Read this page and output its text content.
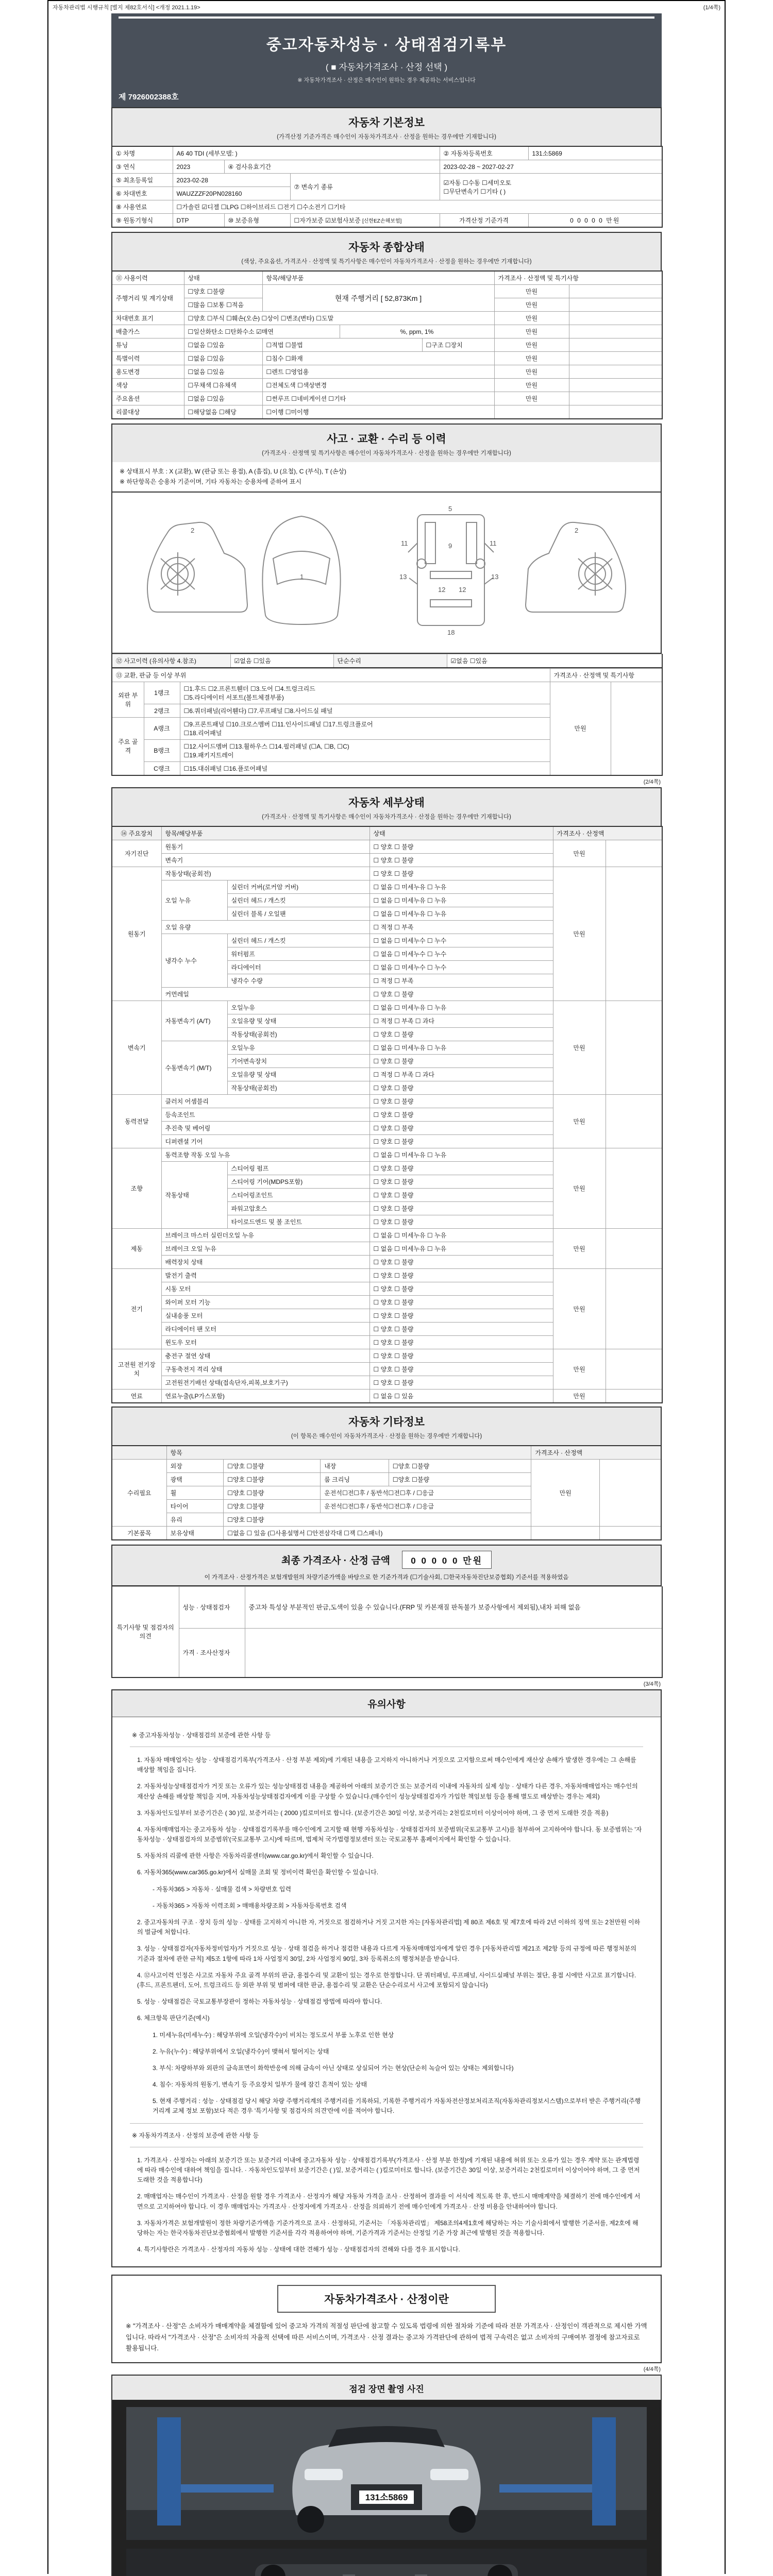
자동차관리법 시행규칙 [별지 제82호서식] <개정 2021.1.19>	(1/4쪽)
중고자동차성능 · 상태점검기록부
( ■ 자동차가격조사 · 산정 선택 )
※ 자동차가격조사 · 산정은 매수인이 원하는 경우 제공하는 서비스입니다
제 7926002388호
자동차 기본정보
(가격산정 기준가격은 매수인이 자동차가격조사 · 산정을 원하는 경우에만 기재합니다)
① 차명	A6 40 TDI (세부모델: )			② 자동차등록번호	131소5869
③ 연식	2023	④ 검사유효기간		2023-02-28 ~ 2027-02-27	
⑤ 최초등록일	2023-02-28		⑦ 변속기 종류	☑자동 ☐수동 ☐세미오토
☐무단변속기 ☐기타 ( )	

⑥ 차대번호	WAUZZZF20PN028160				
⑧ 사용연료	☐가솔린 ☑디젤 ☐LPG ☐하이브리드 ☐전기 ☐수소전기 ☐기타				
⑨ 원동기형식	DTP	⑩ 보증유형	☐자가보증 ☑보험사보증 [신한EZ손해보험]	가격산정 기준가격	0 0 0 0 0 만원
자동차 종합상태
(색상, 주요옵션, 가격조사 · 산정액 및 특기사항은 매수인이 자동차가격조사 · 산정을 원하는 경우에만 기재합니다)
⑪ 사용이력	상태	항목/해당부품			가격조사 · 산정액 및 특기사항	
주행거리 및 계기상태	☐양호 ☐불량	현재 주행거리 [ 52,873Km ]			만원	
	☐많음 ☐보통 ☐적음				만원	
차대번호 표기	☐양호 ☐부식 ☐훼손(오손) ☐상이 ☐변조(변타) ☐도말				만원	
배출가스	☐일산화탄소 ☐탄화수소 ☑매연		%, ppm, 1%		만원	
튜닝	☐없음 ☐있음	☐적법 ☐불법		☐구조 ☐장치	만원	
특별이력	☐없음 ☐있음	☐침수 ☐화재			만원	
용도변경	☐없음 ☐있음	☐렌트 ☐영업용			만원	
색상	☐무채색 ☐유채색	☐전체도색 ☐색상변경			만원	
주요옵션	☐없음 ☐있음	☐썬루프 ☐네비게이션 ☐기타			만원	
리콜대상	☐해당없음 ☐해당	☐이행 ☐미이행				
사고 · 교환 · 수리 등 이력
(가격조사 · 산정액 및 특기사항은 매수인이 자동차가격조사 · 산정을 원하는 경우에만 기재합니다)
※ 상태표시 부호 : X (교환), W (판금 또는 용접), A (흠집), U (요철), C (부식), T (손상)
※ 하단항목은 승용차 기준이며, 기타 자동차는 승용차에 준하여 표시
2
1
5
9
18
11	11
13	13
12 12
2
⑫ 사고이력 (유의사항 4.참조)	☑없음 ☐있음	단순수리	☑없음 ☐있음
⑬ 교환, 판금 등 이상 부위			가격조사 · 산정액 및 특기사항	
외판 부위	1랭크	☐1.후드 ☐2.프론트휀더 ☐3.도어 ☐4.트렁크리드
☐5.라디에이터 서포트(볼트체결부품)	만원	
	2랭크	☐6.쿼더패널(리어휀다) ☐7.루프패널 ☐8.사이드실 패널		
주요 골격	A랭크	☐9.프론트패널 ☐10.크로스멤버 ☐11.인사이드패널 ☐17.트렁크플로어
☐18.리어패널		

	B랭크	☐12.사이드멤버 ☐13.휠하우스 ☐14.필러패널 (☐A, ☐B, ☐C)
☐19.패키지트레이		

	C랭크	☐15.대쉬패널 ☐16.플로어패널		
(2/4쪽)
자동차 세부상태
(가격조사 · 산정액 및 특기사항은 매수인이 자동차가격조사 · 산정을 원하는 경우에만 기재합니다)
⑭ 주요장치	항목/해당부품		상태	가격조사 · 산정액	
자기진단	원동기		☐ 양호 ☐ 불량	만원	
	변속기		☐ 양호 ☐ 불량		
원동기	작동상태(공회전)		☐ 양호 ☐ 불량	만원	
	오일 누유	실린더 커버(로커암 커버)	☐ 없음 ☐ 미세누유 ☐ 누유		
		실린더 헤드 / 개스킷	☐ 없음 ☐ 미세누유 ☐ 누유		
		실린더 블록 / 오일팬	☐ 없음 ☐ 미세누유 ☐ 누유		
	오일 유량		☐ 적정 ☐ 부족		
	냉각수 누수	실린더 헤드 / 개스킷	☐ 없음 ☐ 미세누수 ☐ 누수		
		워터펌프	☐ 없음 ☐ 미세누수 ☐ 누수		
		라디에이터	☐ 없음 ☐ 미세누수 ☐ 누수		
		냉각수 수량	☐ 적정 ☐ 부족		
	커먼레일		☐ 양호 ☐ 불량		
변속기	자동변속기 (A/T)	오일누유	☐ 없음 ☐ 미세누유 ☐ 누유	만원	
		오일유량 및 상태	☐ 적정 ☐ 부족 ☐ 과다		
		작동상태(공회전)	☐ 양호 ☐ 불량		
	수동변속기 (M/T)	오일누유	☐ 없음 ☐ 미세누유 ☐ 누유		
		기어변속장치	☐ 양호 ☐ 불량		
		오일유량 및 상태	☐ 적정 ☐ 부족 ☐ 과다		
		작동상태(공회전)	☐ 양호 ☐ 불량		
동력전달	클러치 어셈블리		☐ 양호 ☐ 불량	만원	
	등속조인트		☐ 양호 ☐ 불량		
	추진축 및 베어링		☐ 양호 ☐ 불량		
	디퍼렌셜 기어		☐ 양호 ☐ 불량		
조향	동력조향 작동 오일 누유		☐ 없음 ☐ 미세누유 ☐ 누유	만원	
	작동상태	스티어링 펌프	☐ 양호 ☐ 불량		
		스티어링 기어(MDPS포함)	☐ 양호 ☐ 불량		
		스티어링조인트	☐ 양호 ☐ 불량		
		파워고압호스	☐ 양호 ☐ 불량		
		타이로드엔드 및 볼 조인트	☐ 양호 ☐ 불량		
제동	브레이크 마스터 실린더오일 누유		☐ 없음 ☐ 미세누유 ☐ 누유	만원	
	브레이크 오일 누유		☐ 없음 ☐ 미세누유 ☐ 누유		
	배력장치 상태		☐ 양호 ☐ 불량		
전기	발전기 출력		☐ 양호 ☐ 불량	만원	
	시동 모터		☐ 양호 ☐ 불량		
	와이퍼 모터 기능		☐ 양호 ☐ 불량		
	실내송풍 모터		☐ 양호 ☐ 불량		
	라디에이터 팬 모터		☐ 양호 ☐ 불량		
	윈도우 모터		☐ 양호 ☐ 불량		
고전원 전기장치	충전구 절연 상태		☐ 양호 ☐ 불량	만원	
	구동축전지 격리 상태		☐ 양호 ☐ 불량		
	고전원전기배선 상태(접속단자,피복,보호기구)		☐ 양호 ☐ 불량		
연료	연료누출(LP가스포함)		☐ 없음 ☐ 있음	만원	
자동차 기타정보
(이 항목은 매수인이 자동차가격조사 · 산정을 원하는 경우에만 기재합니다)
	항목				가격조사 · 산정액	
수리필요	외장	☐양호 ☐불량	내장	☐양호 ☐불량	만원	
	광택	☐양호 ☐불량	룸 크리닝	☐양호 ☐불량		
	휠	☐양호 ☐불량	운전석☐전☐후 / 동반석☐전☐후 / ☐응급			
	타이어	☐양호 ☐불량	운전석☐전☐후 / 동반석☐전☐후 / ☐응급			
	유리	☐양호 ☐불량				
기본품목	보유상태	☐없음 ☐ 있음 (☐사용설명서 ☐안전삼각대 ☐잭 ☐스패너)				
최종 가격조사 · 산정 금액 0 0 0 0 0 만원
이 가격조사 · 산정가격은 보험개발원의 차량기준가액을 바탕으로 한 기준가격과 (☐기술사회, ☐한국자동차진단보증협회) 기준서를 적용하였음
특기사항 및 점검자의 의견	성능 · 상태점검자	중고차 특성상 부분적인 판금,도색이 있을 수 있습니다.(FRP 및 카본재질 판독불가 보증사항에서 제외됨),내차 피해 없음
	가격 · 조사산정자	
(3/4쪽)
유의사항
※ 중고자동차성능 · 상태점검의 보증에 관한 사항 등
1. 자동차 매매업자는 성능 · 상태점검기록부(가격조사 · 산정 부분 제외)에 기재된 내용을 고지하지 아니하거나 거짓으로 고지함으로써 매수인에게 재산상 손해가 발생한 경우에는 그 손해를 배상할 책임을 집니다.
2. 자동차성능상태점검자가 거짓 또는 오류가 있는 성능상태점검 내용을 제공하여 아래의 보증기간 또는 보증거리 이내에 자동차의 실제 성능 · 상태가 다른 경우, 자동차매매업자는 매수인의 재산상 손해를 배상할 책임을 지며, 자동차성능상태점검자에게 이를 구상할 수 있습니다.(매수인이 성능상태점검자가 가입한 책임보험 등을 통해 별도로 배상받는 경우는 제외)
3. 자동차인도일부터 보증기간은 ( 30 )일, 보증거리는 ( 2000 )킬로미터로 합니다. (보증기간은 30일 이상, 보증거리는 2천킬로미터 이상이어야 하며, 그 중 먼저 도래한 것을 적용)
4. 자동차매매업자는 중고자동차 성능 · 상태점검기록부를 매수인에게 고지할 때 현행 자동차성능 · 상태점검자의 보증범위(국토교통부 고시)를 첨부하여 고지하여야 합니다. 동 보증범위는 '자동차성능 · 상태점검자의 보증범위'(국토교통부 고시)에 따르며, 법제처 국가법령정보센터 또는 국토교통부 홈페이지에서 확인할 수 있습니다.
5. 자동차의 리콜에 관한 사항은 자동차리콜센터(www.car.go.kr)에서 확인할 수 있습니다.
6. 자동차365(www.car365.go.kr)에서 실매물 조회 및 정비이력 확인을 확인할 수 있습니다.
- 자동차365 > 자동차 · 실매물 검색 > 차량번호 입력
- 자동차365 > 자동차 이력조회 > 매매용차량조회 > 자동차등록번호 검색
2. 중고자동차의 구조 · 장치 등의 성능 · 상태를 고지하지 아니한 자, 거짓으로 점검하거나 거짓 고지한 자는 [자동차관리법] 제 80조 제6호 및 제7호에 따라 2년 이하의 징역 또는 2천만원 이하의 벌금에 처합니다.
3. 성능 · 상태점검자(자동차정비업자)가 거짓으로 성능 · 상태 점검을 하거나 점검한 내용과 다르게 자동차매매업자에게 알린 경우 [자동차관리법 제21조 제2항 등의 규정에 따른 행정처분의 기준과 절차에 관한 규칙] 제5조 1항에 따라 1차 사업정지 30일, 2차 사업정지 90일, 3차 등록취소의 행정처분을 받습니다.
4. ⑫사고이력 인정은 사고로 자동차 주요 골격 부위의 판금, 용접수리 및 교환이 있는 경우로 한정합니다. 단 쿼터패널, 루프패널, 사이드실패널 부위는 절단, 용접 시에만 사고로 표기합니다. (후드, 프론트펜더, 도어, 트렁크리드 등 외판 부위 및 범퍼에 대한 판금, 용접수리 및 교환은 단순수리로서 사고에 포함되지 않습니다)
5. 성능 · 상태점검은 국토교통부장관이 정하는 자동차성능 · 상태점검 방법에 따라야 합니다.
6. 체크항목 판단기준(예시)
1. 미세누유(미세누수) : 해당부위에 오일(냉각수)이 비치는 정도로서 부품 노후로 인한 현상
2. 누유(누수) : 해당부위에서 오일(냉각수)이 맺혀서 떨어지는 상태
3. 부식: 차량하부와 외판의 금속표면이 화학반응에 의해 금속이 아닌 상태로 상실되어 가는 현상(단순히 녹슬어 있는 상태는 제외합니다)
4. 침수: 자동차의 원동기, 변속기 등 주요장치 일부가 물에 잠긴 흔적이 있는 상태
5. 현재 주행거리 : 성능 · 상태점검 당시 해당 차량 주행거리계의 주행거리를 기록하되, 기록한 주행거리가 자동차전산정보처리조직(자동차관리정보시스템)으로부터 받은 주행거리(주행거리계 교체 정보 포함)보다 적은 경우 '특기사항 및 점검자의 의견'란에 이를 적어야 합니다.
※ 자동차가격조사 · 산정의 보증에 관한 사항 등
1. 가격조사 · 산정자는 아래의 보증기간 또는 보증거리 이내에 중고자동차 성능 · 상태점검기록부(가격조사 · 산정 부분 한정)에 기재된 내용에 허위 또는 오류가 있는 경우 계약 또는 관계법령에 따라 매수인에 대하여 책임을 집니다. · 자동차인도일부터 보증기간은 ( )일, 보증거리는 ( )킬로미터로 합니다. (보증기간은 30일 이상, 보증거리는 2천킬로미터 이상이어야 하며, 그 중 먼저 도래한 것을 적용합니다)
2. 매매업자는 매수인이 가격조사 · 산정을 원할 경우 가격조사 · 산정자가 해당 자동차 가격을 조사 · 산정하여 결과를 이 서식에 적도록 한 후, 반드시 매매계약을 체결하기 전에 매수인에게 서면으로 고지하여야 합니다. 이 경우 매매업자는 가격조사 · 산정자에게 가격조사 · 산정을 의뢰하기 전에 매수인에게 가격조사 · 산정 비용을 안내하여야 합니다.
3. 자동차가격은 보험개발원이 정한 차량기준가액을 기준가격으로 조사 · 산정하되, 기준서는 「자동차관리법」 제58조의4제1호에 해당하는 자는 기술사회에서 발행한 기준서를, 제2호에 해당하는 자는 한국자동차진단보증협회에서 발행한 기준서를 각각 적용하여야 하며, 기준가격과 기준서는 산정일 기준 가장 최근에 발행된 것을 적용합니다.
4. 특기사항란은 가격조사 · 산정자의 자동차 성능 · 상태에 대한 견해가 성능 · 상태점검자의 견해와 다를 경우 표시합니다.
자동차가격조사 · 산정이란
※ "가격조사 · 산정"은 소비자가 매매계약을 체결함에 있어 중고차 가격의 적절성 판단에 참고할 수 있도록 법령에 의한 절차와 기준에 따라 전문 가격조사 · 산정인이 객관적으로 제시한 가액입니다. 따라서 "가격조사 · 산정"은 소비자의 자율적 선택에 따른 서비스이며, 가격조사 · 산정 결과는 중고차 가격판단에 관하여 법적 구속력은 없고 소비자의 구매여부 결정에 참고자료로 활용됩니다.
(4/4쪽)
점검 장면 촬영 사진
131소5869
